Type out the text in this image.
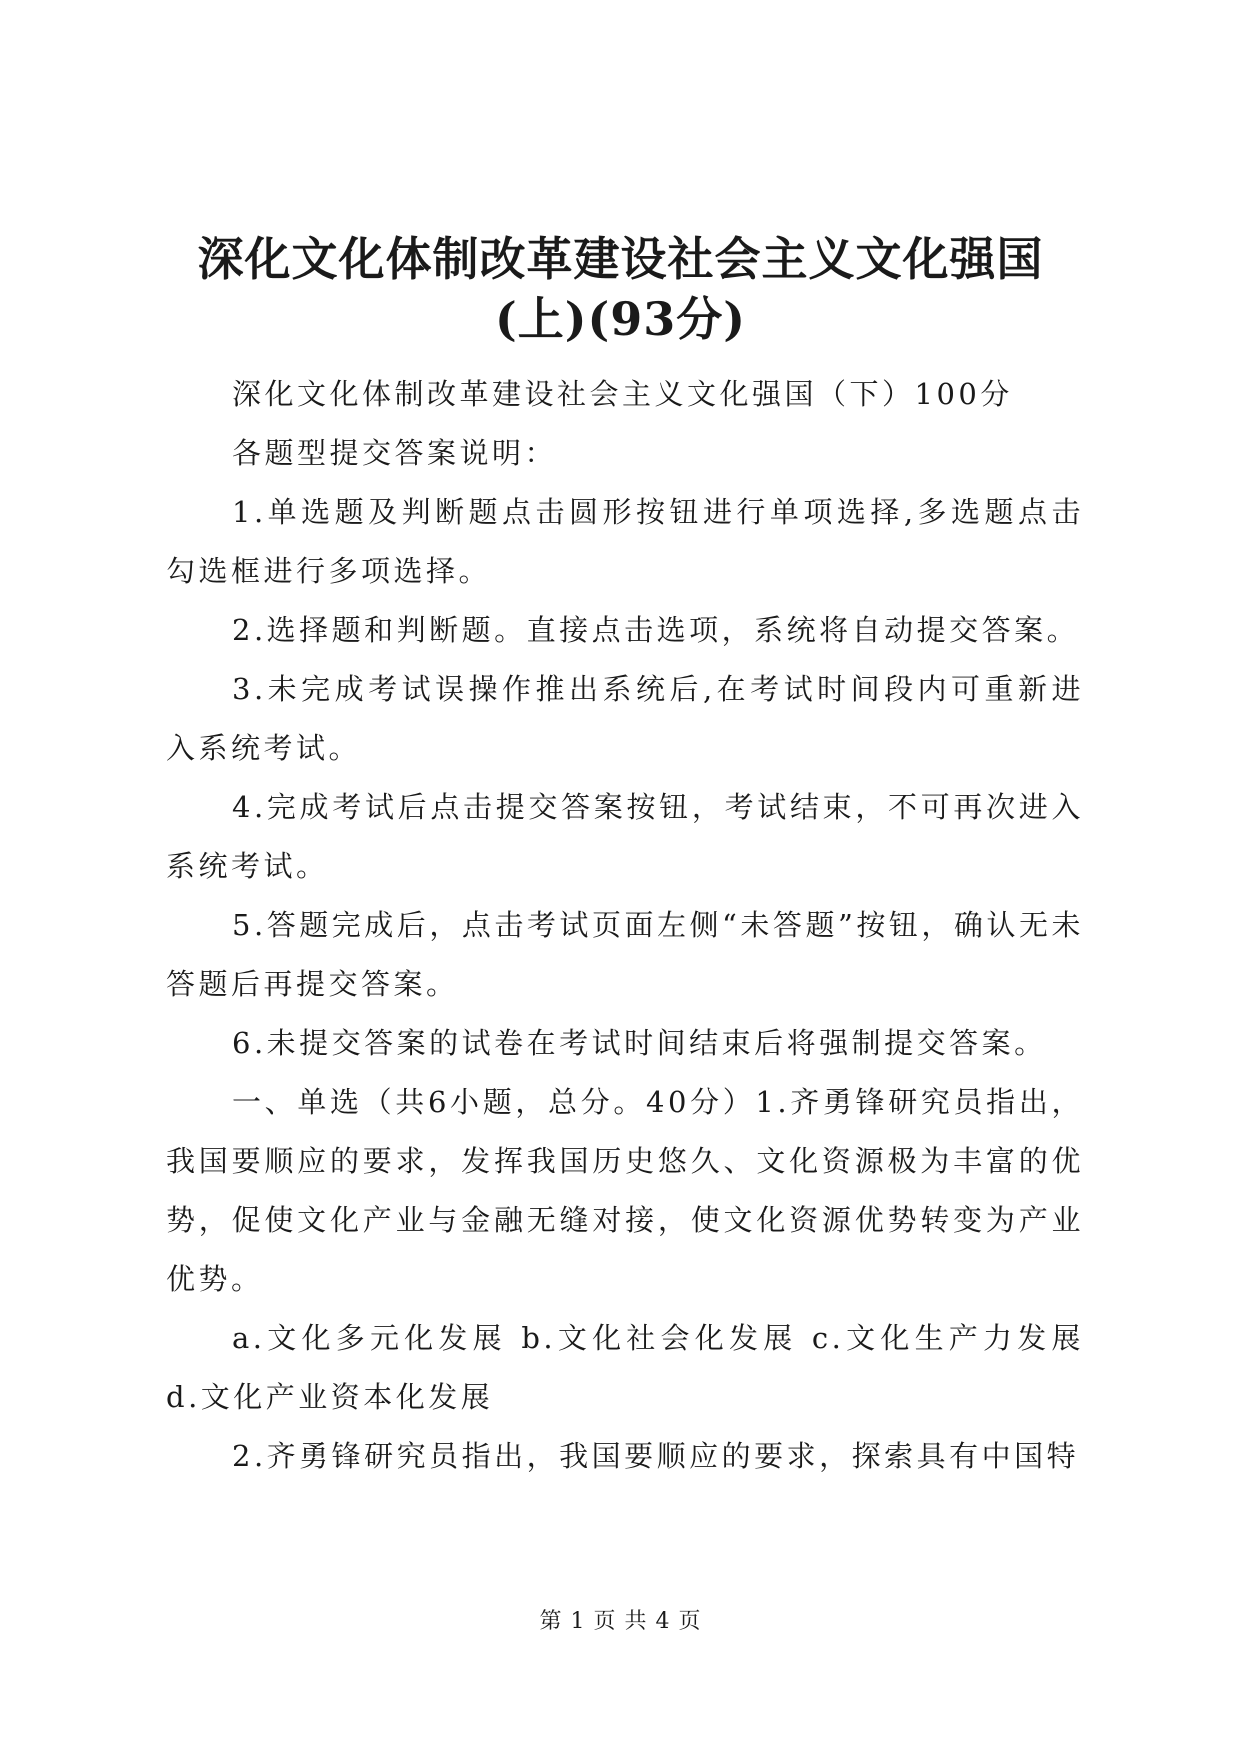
深化文化体制改革建设社会主义文化强国
(上)(93分)

深化文化体制改革建设社会主义文化强国（下）100分

各题型提交答案说明：

1.单选题及判断题点击圆形按钮进行单项选择,多选题点击勾选框进行多项选择。

2.选择题和判断题。直接点击选项，系统将自动提交答案。

3.未完成考试误操作推出系统后,在考试时间段内可重新进入系统考试。

4.完成考试后点击提交答案按钮，考试结束，不可再次进入系统考试。

5.答题完成后，点击考试页面左侧“未答题”按钮，确认无未答题后再提交答案。

6.未提交答案的试卷在考试时间结束后将强制提交答案。

一、单选（共6小题，总分。40分）1.齐勇锋研究员指出，我国要顺应的要求，发挥我国历史悠久、文化资源极为丰富的优势，促使文化产业与金融无缝对接，使文化资源优势转变为产业优势。

a.文化多元化发展 b.文化社会化发展 c.文化生产力发展 d.文化产业资本化发展

2.齐勇锋研究员指出，我国要顺应的要求，探索具有中国特

第 1 页 共 4 页
